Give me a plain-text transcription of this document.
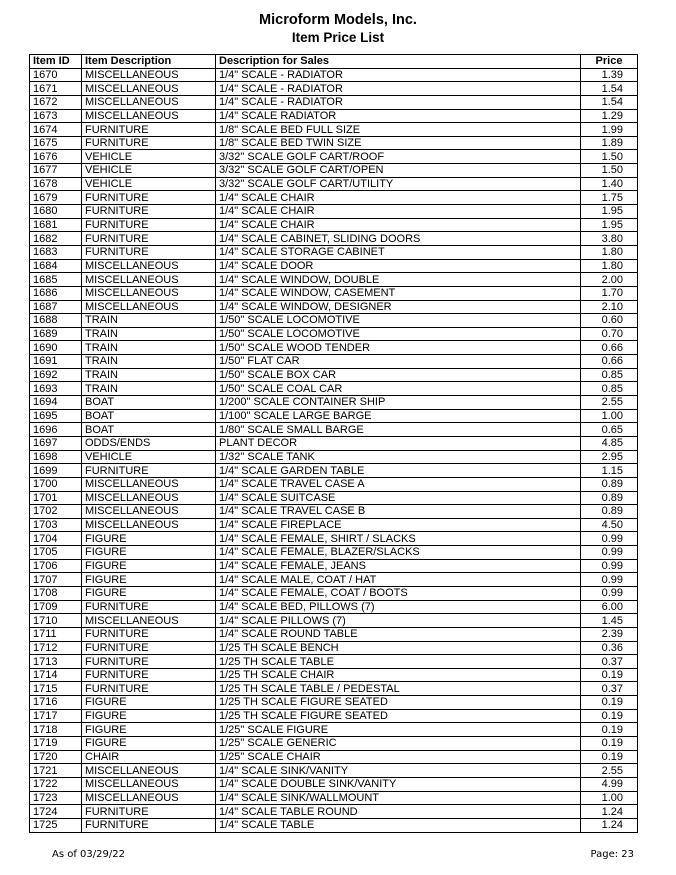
Microform Models, Inc.
Item Price List
Item ID	Item Description	Description for Sales	Price
1670	MISCELLANEOUS	1/4" SCALE - RADIATOR	1.39
1671	MISCELLANEOUS	1/4" SCALE - RADIATOR	1.54
1672	MISCELLANEOUS	1/4" SCALE - RADIATOR	1.54
1673	MISCELLANEOUS	1/4" SCALE RADIATOR	1.29
1674	FURNITURE	1/8" SCALE BED FULL SIZE	1.99
1675	FURNITURE	1/8" SCALE BED TWIN SIZE	1.89
1676	VEHICLE	3/32" SCALE GOLF CART/ROOF	1.50
1677	VEHICLE	3/32" SCALE GOLF CART/OPEN	1.50
1678	VEHICLE	3/32" SCALE GOLF CART/UTILITY	1.40
1679	FURNITURE	1/4" SCALE CHAIR	1.75
1680	FURNITURE	1/4" SCALE CHAIR	1.95
1681	FURNITURE	1/4" SCALE CHAIR	1.95
1682	FURNITURE	1/4" SCALE CABINET, SLIDING DOORS	3.80
1683	FURNITURE	1/4" SCALE STORAGE CABINET	1.80
1684	MISCELLANEOUS	1/4" SCALE DOOR	1.80
1685	MISCELLANEOUS	1/4" SCALE WINDOW, DOUBLE	2.00
1686	MISCELLANEOUS	1/4" SCALE WINDOW, CASEMENT	1.70
1687	MISCELLANEOUS	1/4" SCALE WINDOW, DESIGNER	2.10
1688	TRAIN	1/50" SCALE LOCOMOTIVE	0.60
1689	TRAIN	1/50" SCALE LOCOMOTIVE	0.70
1690	TRAIN	1/50" SCALE WOOD TENDER	0.66
1691	TRAIN	1/50" FLAT CAR	0.66
1692	TRAIN	1/50" SCALE BOX CAR	0.85
1693	TRAIN	1/50" SCALE COAL CAR	0.85
1694	BOAT	1/200" SCALE CONTAINER SHIP	2.55
1695	BOAT	1/100" SCALE LARGE BARGE	1.00
1696	BOAT	1/80" SCALE SMALL BARGE	0.65
1697	ODDS/ENDS	PLANT DECOR	4.85
1698	VEHICLE	1/32" SCALE TANK	2.95
1699	FURNITURE	1/4" SCALE GARDEN TABLE	1.15
1700	MISCELLANEOUS	1/4" SCALE TRAVEL CASE A	0.89
1701	MISCELLANEOUS	1/4" SCALE SUITCASE	0.89
1702	MISCELLANEOUS	1/4" SCALE TRAVEL CASE B	0.89
1703	MISCELLANEOUS	1/4" SCALE FIREPLACE	4.50
1704	FIGURE	1/4" SCALE FEMALE, SHIRT / SLACKS	0.99
1705	FIGURE	1/4" SCALE FEMALE, BLAZER/SLACKS	0.99
1706	FIGURE	1/4" SCALE FEMALE, JEANS	0.99
1707	FIGURE	1/4" SCALE MALE, COAT / HAT	0.99
1708	FIGURE	1/4" SCALE FEMALE, COAT / BOOTS	0.99
1709	FURNITURE	1/4" SCALE BED, PILLOWS (7)	6.00
1710	MISCELLANEOUS	1/4" SCALE PILLOWS (7)	1.45
1711	FURNITURE	1/4" SCALE ROUND TABLE	2.39
1712	FURNITURE	1/25 TH SCALE BENCH	0.36
1713	FURNITURE	1/25 TH SCALE TABLE	0.37
1714	FURNITURE	1/25 TH SCALE CHAIR	0.19
1715	FURNITURE	1/25 TH SCALE TABLE / PEDESTAL	0.37
1716	FIGURE	1/25 TH SCALE FIGURE SEATED	0.19
1717	FIGURE	1/25 TH SCALE FIGURE SEATED	0.19
1718	FIGURE	1/25" SCALE FIGURE	0.19
1719	FIGURE	1/25" SCALE GENERIC	0.19
1720	CHAIR	1/25" SCALE CHAIR	0.19
1721	MISCELLANEOUS	1/4" SCALE SINK/VANITY	2.55
1722	MISCELLANEOUS	1/4" SCALE DOUBLE SINK/VANITY	4.99
1723	MISCELLANEOUS	1/4" SCALE SINK/WALLMOUNT	1.00
1724	FURNITURE	1/4" SCALE TABLE ROUND	1.24
1725	FURNITURE	1/4" SCALE TABLE	1.24
As of 03/29/22	Page: 23
